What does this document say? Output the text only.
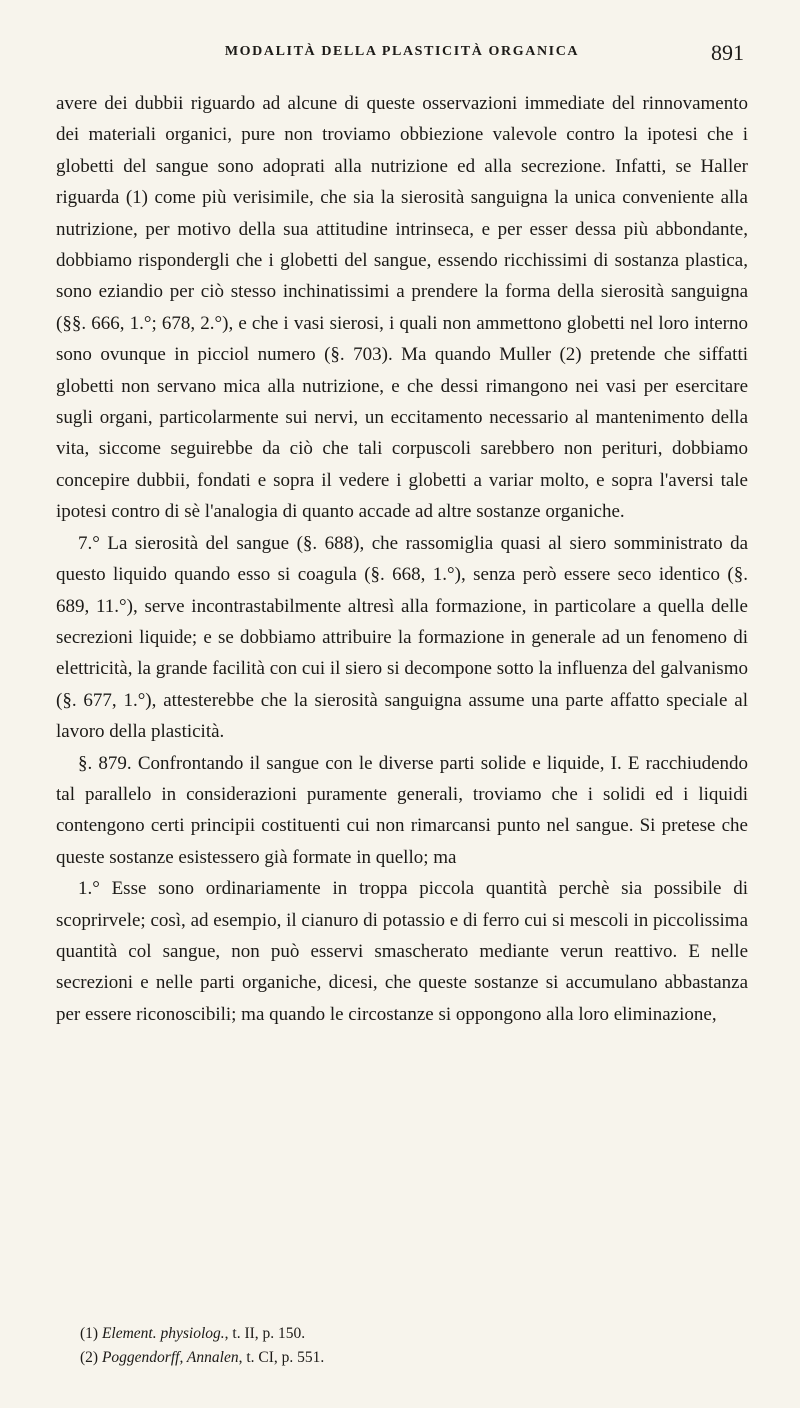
MODALITÀ DELLA PLASTICITÀ ORGANICA	891

avere dei dubbii riguardo ad alcune di queste osservazioni immediate del rinnovamento dei materiali organici, pure non troviamo obbiezione valevole contro la ipotesi che i globetti del sangue sono adoprati alla nutrizione ed alla secrezione. Infatti, se Haller riguarda (1) come più verisimile, che sia la sierosità sanguigna la unica conveniente alla nutrizione, per motivo della sua attitudine intrinseca, e per esser dessa più abbondante, dobbiamo rispondergli che i globetti del sangue, essendo ricchissimi di sostanza plastica, sono eziandio per ciò stesso inchinatissimi a prendere la forma della sierosità sanguigna (§§. 666, 1.°; 678, 2.°), e che i vasi sierosi, i quali non ammettono globetti nel loro interno sono ovunque in picciol numero (§. 703). Ma quando Muller (2) pretende che siffatti globetti non servano mica alla nutrizione, e che dessi rimangono nei vasi per esercitare sugli organi, particolarmente sui nervi, un eccitamento necessario al mantenimento della vita, siccome seguirebbe da ciò che tali corpuscoli sarebbero non perituri, dobbiamo concepire dubbii, fondati e sopra il vedere i globetti a variar molto, e sopra l'aversi tale ipotesi contro di sè l'analogia di quanto accade ad altre sostanze organiche.

7.° La sierosità del sangue (§. 688), che rassomiglia quasi al siero somministrato da questo liquido quando esso si coagula (§. 668, 1.°), senza però essere seco identico (§. 689, 11.°), serve incontrastabilmente altresì alla formazione, in particolare a quella delle secrezioni liquide; e se dobbiamo attribuire la formazione in generale ad un fenomeno di elettricità, la grande facilità con cui il siero si decompone sotto la influenza del galvanismo (§. 677, 1.°), attesterebbe che la sierosità sanguigna assume una parte affatto speciale al lavoro della plasticità.

§. 879. Confrontando il sangue con le diverse parti solide e liquide, I. E racchiudendo tal parallelo in considerazioni puramente generali, troviamo che i solidi ed i liquidi contengono certi principii costituenti cui non rimarcansi punto nel sangue. Si pretese che queste sostanze esistessero già formate in quello; ma

1.° Esse sono ordinariamente in troppa piccola quantità perchè sia possibile di scoprirvele; così, ad esempio, il cianuro di potassio e di ferro cui si mescoli in piccolissima quantità col sangue, non può esservi smascherato mediante verun reattivo. E nelle secrezioni e nelle parti organiche, dicesi, che queste sostanze si accumulano abbastanza per essere riconoscibili; ma quando le circostanze si oppongono alla loro eliminazione,

(1) Element. physiolog., t. II, p. 150.
(2) Poggendorff, Annalen, t. CI, p. 551.
